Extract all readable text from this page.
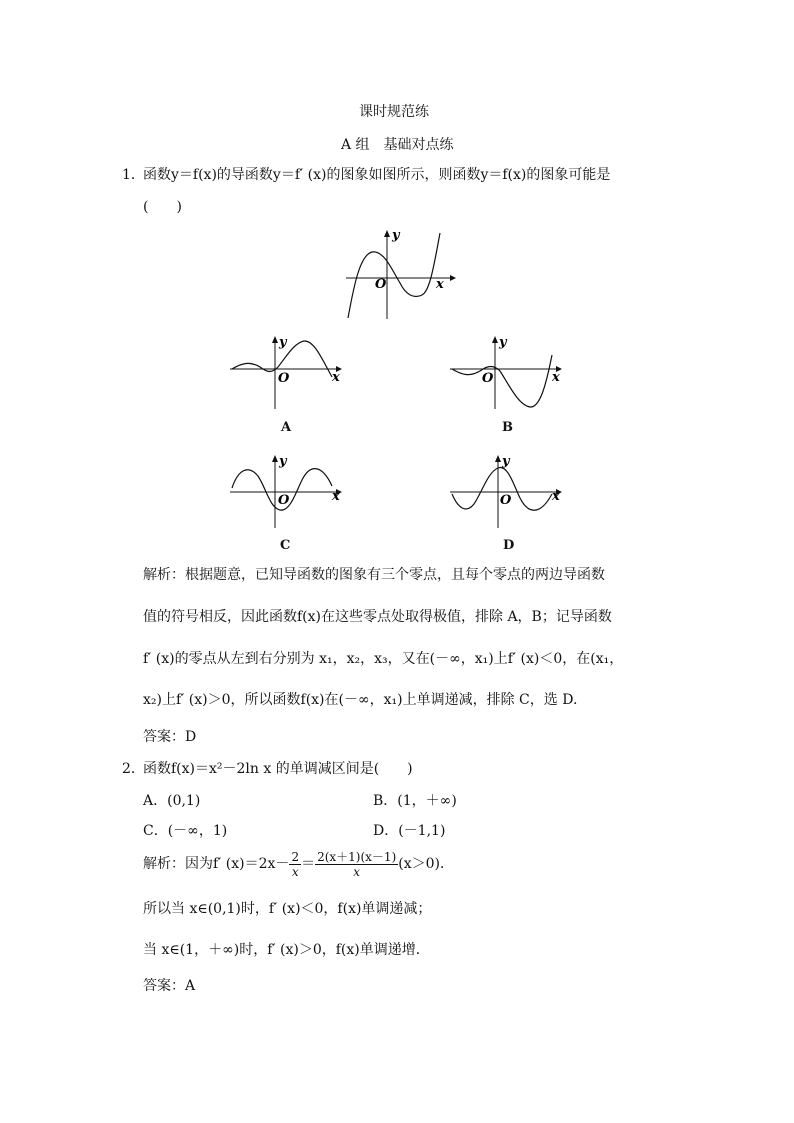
课时规范练
A 组　基础对点练
1．
函数y＝f(x)的导函数y＝f′ (x)的图象如图所示，则函数y＝f(x)的图象可能是
(　　)
y
x
O
y
x
O
A
y
x
O
B
y
x
O
C
y
x
O
D
解析：根据题意，已知导函数的图象有三个零点，且每个零点的两边导函数
值的符号相反，因此函数f(x)在这些零点处取得极值，排除 A，B；记导函数
f′ (x)的零点从左到右分别为 x₁，x₂，x₃，又在(－∞，x₁)上f′ (x)＜0，在(x₁，
x₂)上f′ (x)＞0，所以函数f(x)在(－∞，x₁)上单调递减，排除 C，选 D.
答案：D
2．
函数f(x)＝x²－2ln x 的单调减区间是(　　)
A．(0,1)	B．(1，＋∞)
C．(－∞，1)	D．(－1,1)
解析：因为f′ $(x)=2x- \frac{2}{x} = \frac{2(x+1)(x-1)}{x} (x>0)$．
所以当 x∈(0,1)时，f′ (x)＜0，f(x)单调递减；
当 x∈(1，＋∞)时，f′ (x)＞0，f(x)单调递增．
答案：A
